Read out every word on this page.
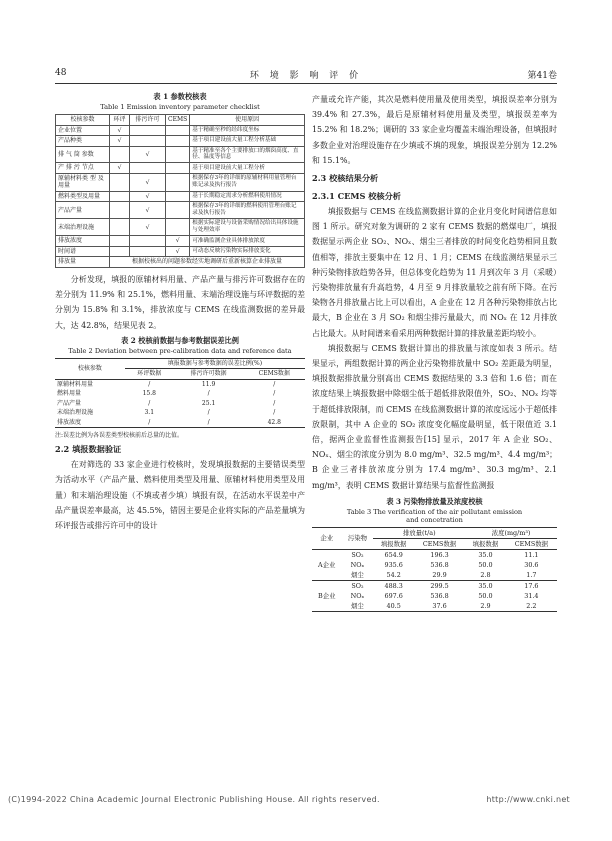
48	环 境 影 响 评 价	第41卷
表 1 参数校核表
Table 1 Emission inventory parameter checklist
校核参数	环评	排污许可	CEMS	使用原因
企业位置	√			基于精确至秒的经纬度坐标
产品种类	√			基于项目建设前大量工程分析基础
排 气 筒 参数		√		基于精准至各个主要排放口的烟囱高度、直径、温度等信息
产 排 污 节点	√			基于项目建设前大量工程分析
原辅材料类 型 及用量		√		根据保存3年的详细的原辅材料用量管理台账记录及执行报告
燃料类型及用量		√		基于长期稳定需求分析燃料使用情况
产品产量		√		根据保存3年的详细的燃料使用管理台账记录及执行报告
末端治理设施		√		根据实际建设与设备采购情况给出具体设施与处理效率
排放浓度			√	可准确监测企业具体排放浓度
时间谱			√	可动态反映污染物实际排放变化
排放量	根据校核出的问题参数经实地调研后重新核算企业排放量			

分析发现，填报的原辅材料用量、产品产量与排污许可数据存在的差分别为 11.9% 和 25.1%，燃料用量、末端治理设施与环评数据的差分别为 15.8% 和 3.1%，排放浓度与 CEMS 在线监测数据的差异最大，达 42.8%，结果见表 2。

表 2 校核前数据与参考数据误差比例
Table 2 Deviation between pre-calibration data and reference data
校核参数	填报数据与参考数据的误差比例(%)		
	环评数据	排污许可数据	CEMS数据
原辅材料用量	/	11.9	/
燃料用量	15.8	/	/
产品产量	/	25.1	/
末端治理设施	3.1	/	/
排放浓度	/	/	42.8
注:误差比例为各误差类型校核前后总量的比值。
2.2 填报数据验证

在对筛选的 33 家企业进行校核时，发现填报数据的主要错误类型为活动水平（产品产量、燃料使用类型及用量、原辅材料使用类型及用量）和末端治理设施（不填或者少填）填报有误，在活动水平误差中产品产量误差率最高，达 45.5%，错因主要是企业将实际的产品差量填为环评报告或排污许可中的设计

产量或允许产能，其次是燃料使用量及使用类型，填报误差率分别为 39.4% 和 27.3%，最后是原辅材料使用量及类型，填报误差率为 15.2% 和 18.2%；调研的 33 家企业均覆盖末端治理设备，但填报时多数企业对治理设施存在少填或不填的现象，填报误差分别为 12.2% 和 15.1%。

2.3 校核结果分析
2.3.1 CEMS 校核分析

填报数据与 CEMS 在线监测数据计算的企业月变化时间谱信息如图 1 所示。研究对象为调研的 2 家有 CEMS 数据的燃煤电厂，填报数据显示两企业 SO₂、NOₓ、烟尘三者排放的时间变化趋势相同且数值相等，排放主要集中在 12 月、1 月；CEMS 在线监测结果显示三种污染物排放趋势各异，但总体变化趋势为 11 月到次年 3 月（采暖）污染物排放量有升高趋势，4 月至 9 月排放量较之前有所下降。在污染物各月排放量占比上可以看出，A 企业在 12 月各种污染物排放占比最大，B 企业在 3 月 SO₂ 和烟尘排污量最大，而 NOₓ 在 12 月排放占比最大。从时间谱来看采用两种数据计算的排放量差距均较小。

填报数据与 CEMS 数据计算出的排放量与浓度如表 3 所示。结果显示，两组数据计算的两企业污染物排放量中 SO₂ 差距最为明显，填报数据排放量分别高出 CEMS 数据结果的 3.3 倍和 1.6 倍；而在浓度结果上填报数据中除烟尘低于超低排放限值外，SO₂、NOₓ 均等于超低排放限制，而 CEMS 在线监测数据计算的浓度远远小于超低排放限制，其中 A 企业的 SO₂ 浓度变化幅度最明显，低于限值近 3.1 倍，据两企业监督性监测报告[15] 显示，2017 年 A 企业 SO₂、NOₓ、烟尘的浓度分别为 8.0 mg/m³、32.5 mg/m³、4.4 mg/m³；B 企业三者排放浓度分别为 17.4 mg/m³、30.3 mg/m³、2.1 mg/m³，表明 CEMS 数据计算结果与监督性监测报

表 3 污染物排放量及浓度校核
Table 3 The verification of the air pollutant emission
and concetration
企业	污染物	排放量(t/a)		浓度(mg/m³)	
		填报数据	CEMS数据	填报数据	CEMS数据
A企业	SO₂	654.9	196.3	35.0	11.1
	NOₓ	935.6	536.8	50.0	30.6
	烟尘	54.2	29.9	2.8	1.7
B企业	SO₂	488.3	299.5	35.0	17.6
	NOₓ	697.6	536.8	50.0	31.4
	烟尘	40.5	37.6	2.9	2.2
(C)1994-2022 China Academic Journal Electronic Publishing House. All rights reserved.	http://www.cnki.net
